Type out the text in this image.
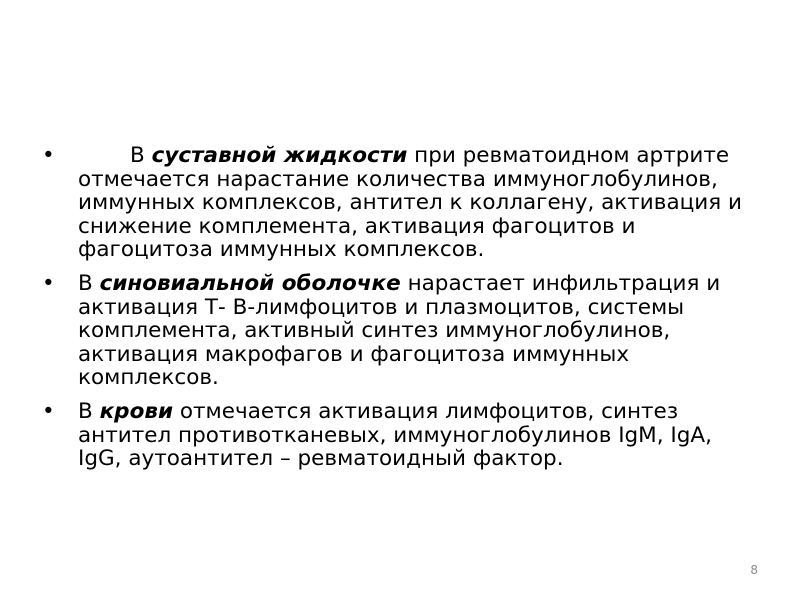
•	В суставной жидкости при ревматоидном артрите отмечается нарастание количества иммуноглобулинов, иммунных комплексов, антител к коллагену, активация и снижение комплемента, активация фагоцитов и фагоцитоза иммунных комплексов.
•	В синовиальной оболочке нарастает инфильтрация и активация Т- В-лимфоцитов и плазмоцитов, системы комплемента, активный синтез иммуноглобулинов, активация макрофагов и фагоцитоза иммунных комплексов.
•	В крови отмечается активация лимфоцитов, синтез антител противотканевых, иммуноглобулинов IgM, IgA, IgG, аутоантител – ревматоидный фактор.
8
